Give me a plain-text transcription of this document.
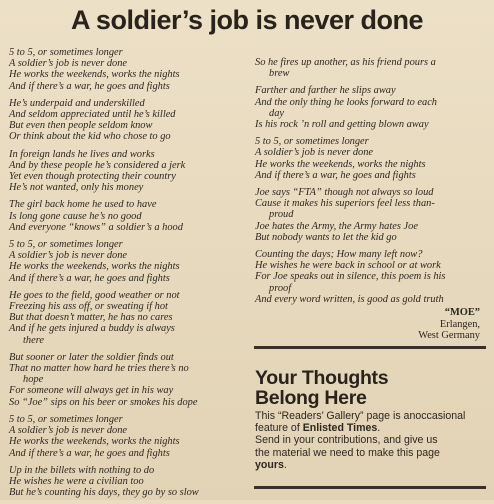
A soldier’s job is never done
5 to 5, or sometimes longer
A soldier’s job is never done
He works the weekends, works the nights
And if there’s a war, he goes and fights
He’s underpaid and underskilled
And seldom appreciated until he’s killed
But even then people seldom know
Or think about the kid who chose to go
In foreign lands he lives and works
And by these people he’s considered a jerk
Yet even though protecting their country
He’s not wanted, only his money
The girl back home he used to have
Is long gone cause he’s no good
And everyone “knows” a soldier’s a hood
5 to 5, or sometimes longer
A soldier’s job is never done
He works the weekends, works the nights
And if there’s a war, he goes and fights
He goes to the field, good weather or not
Freezing his ass off, or sweating if hot
But that doesn’t matter, he has no cares
And if he gets injured a buddy is always
there
But sooner or later the soldier finds out
That no matter how hard he tries there’s no
hope
For someone will always get in his way
So “Joe” sips on his beer or smokes his dope
5 to 5, or sometimes longer
A soldier’s job is never done
He works the weekends, works the nights
And if there’s a war, he goes and fights
Up in the billets with nothing to do
He wishes he were a civilian too
But he’s counting his days, they go by so slow
So he fires up another, as his friend pours a
brew
Farther and farther he slips away
And the only thing he looks forward to each
day
Is his rock ’n roll and getting blown away
5 to 5, or sometimes longer
A soldier’s job is never done
He works the weekends, works the nights
And if there’s a war, he goes and fights
Joe says “FTA” though not always so loud
Cause it makes his superiors feel less than-
proud
Joe hates the Army, the Army hates Joe
But nobody wants to let the kid go
Counting the days; How many left now?
He wishes he were back in school or at work
For Joe speaks out in silence, this poem is his
proof
And every word written, is good as gold truth
“MOE”
Erlangen,
West Germany
Your Thoughts
Belong Here
This “Readers’ Gallery” page is anoccasional feature of Enlisted Times.
Send in your contributions, and give us
the material we need to make this page
yours.
